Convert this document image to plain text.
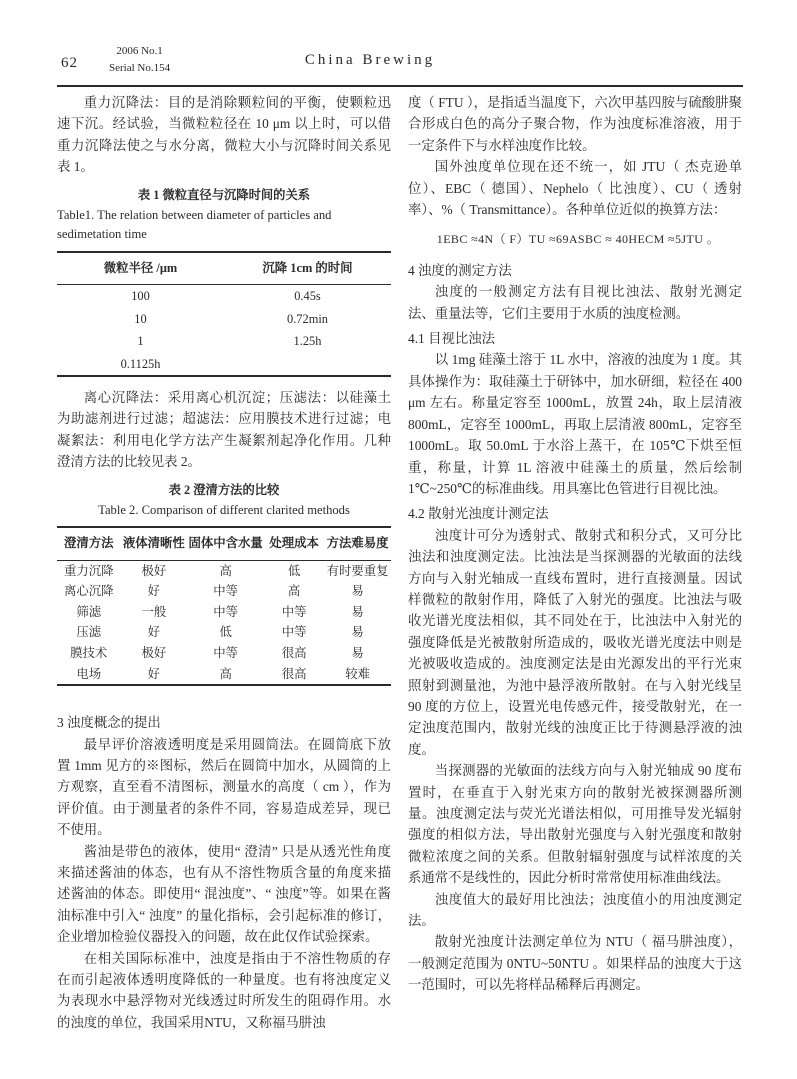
62
2006 No.1
Serial No.154	China Brewing

重力沉降法：目的是消除颗粒间的平衡，使颗粒迅速下沉。经试验，当微粒粒径在 10 μm 以上时，可以借重力沉降法使之与水分离，微粒大小与沉降时间关系见表 1。

表 1 微粒直径与沉降时间的关系

Table1. The relation between diameter of particles and

sedimetation time

微粒半径 /μm	沉降 1cm 的时间
100	0.45s
10	0.72min
1	1.25h
0.1125h	

离心沉降法：采用离心机沉淀；压滤法：以硅藻土为助滤剂进行过滤；超滤法：应用膜技术进行过滤；电凝絮法：利用电化学方法产生凝絮剂起净化作用。几种澄清方法的比较见表 2。

表 2 澄清方法的比较

Table 2. Comparison of different clarited methods

澄清方法	液体清晰性	固体中含水量	处理成本	方法难易度
重力沉降	极好	高	低	有时要重复
离心沉降	好	中等	高	易
筛滤	一般	中等	中等	易
压滤	好	低	中等	易
膜技术	极好	中等	很高	易
电场	好	高	很高	较难

3 浊度概念的提出

最早评价溶液透明度是采用圆筒法。在圆筒底下放置 1mm 见方的※图标，然后在圆筒中加水，从圆筒的上方观察，直至看不清图标，测量水的高度（ cm ），作为评价值。由于测量者的条件不同，容易造成差异，现已不使用。

酱油是带色的液体，使用“ 澄清” 只是从透光性角度来描述酱油的体态，也有从不溶性物质含量的角度来描述酱油的体态。即使用“ 混浊度”、“ 浊度”等。如果在酱油标准中引入“ 浊度” 的量化指标，会引起标准的修订，企业增加检验仪器投入的问题，故在此仅作试验探索。

在相关国际标准中，浊度是指由于不溶性物质的存在而引起液体透明度降低的一种量度。也有将浊度定义为表现水中悬浮物对光线透过时所发生的阻碍作用。水的浊度的单位，我国采用NTU，又称福马肼浊

度（ FTU ），是指适当温度下，六次甲基四胺与硫酸肼聚合形成白色的高分子聚合物，作为浊度标准溶液，用于一定条件下与水样浊度作比较。

国外浊度单位现在还不统一，如 JTU（ 杰克逊单位）、EBC（ 德国）、Nephelo（ 比浊度）、CU（ 透射率）、%（ Transmittance）。各种单位近似的换算方法：

1EBC ≈4N（ F）TU ≈69ASBC ≈ 40HECM ≈5JTU 。

4 浊度的测定方法

浊度的一般测定方法有目视比浊法、散射光测定法、重量法等，它们主要用于水质的浊度检测。

4.1 目视比浊法

以 1mg 硅藻土溶于 1L 水中，溶液的浊度为 1 度。其具体操作为：取硅藻土于研钵中，加水研细，粒径在 400 μm 左右。称量定容至 1000mL，放置 24h，取上层清液 800mL，定容至 1000mL，再取上层清液 800mL，定容至 1000mL。取 50.0mL 于水浴上蒸干，在 105℃下烘至恒重，称量，计算 1L 溶液中硅藻土的质量，然后绘制 1℃~250℃的标准曲线。用具塞比色管进行目视比浊。

4.2 散射光浊度计测定法

浊度计可分为透射式、散射式和积分式，又可分比浊法和浊度测定法。比浊法是当探测器的光敏面的法线方向与入射光轴成一直线布置时，进行直接测量。因试样微粒的散射作用，降低了入射光的强度。比浊法与吸收光谱光度法相似，其不同处在于，比浊法中入射光的强度降低是光被散射所造成的，吸收光谱光度法中则是光被吸收造成的。浊度测定法是由光源发出的平行光束照射到测量池，为池中悬浮液所散射。在与入射光线呈 90 度的方位上，设置光电传感元件，接受散射光，在一定浊度范围内，散射光线的浊度正比于待测悬浮液的浊度。

当探测器的光敏面的法线方向与入射光轴成 90 度布置时，在垂直于入射光束方向的散射光被探测器所测量。浊度测定法与荧光光谱法相似，可用推导发光辐射强度的相似方法，导出散射光强度与入射光强度和散射微粒浓度之间的关系。但散射辐射强度与试样浓度的关系通常不是线性的，因此分析时常常使用标准曲线法。

浊度值大的最好用比浊法；浊度值小的用浊度测定法。

散射光浊度计法测定单位为 NTU（ 福马肼浊度），一般测定范围为 0NTU~50NTU 。如果样品的浊度大于这一范围时，可以先将样品稀释后再测定。
